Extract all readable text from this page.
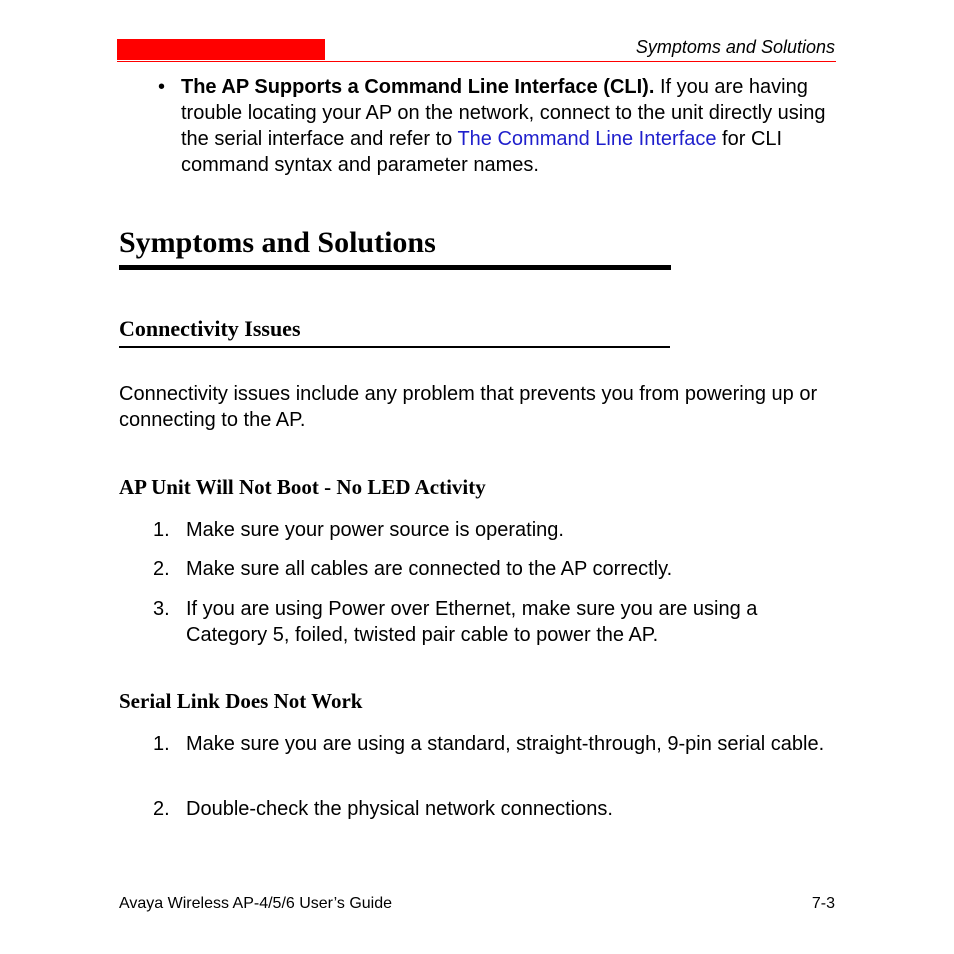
Symptoms and Solutions
• The AP Supports a Command Line Interface (CLI). If you are having trouble locating your AP on the network, connect to the unit directly using the serial interface and refer to The Command Line Interface for CLI command syntax and parameter names.
Symptoms and Solutions
Connectivity Issues
Connectivity issues include any problem that prevents you from powering up or connecting to the AP.
AP Unit Will Not Boot - No LED Activity
1. Make sure your power source is operating.
2. Make sure all cables are connected to the AP correctly.
3. If you are using Power over Ethernet, make sure you are using a Category 5, foiled, twisted pair cable to power the AP.
Serial Link Does Not Work
1. Make sure you are using a standard, straight-through, 9-pin serial cable.
2. Double-check the physical network connections.
Avaya Wireless AP-4/5/6 User’s Guide	7-3
